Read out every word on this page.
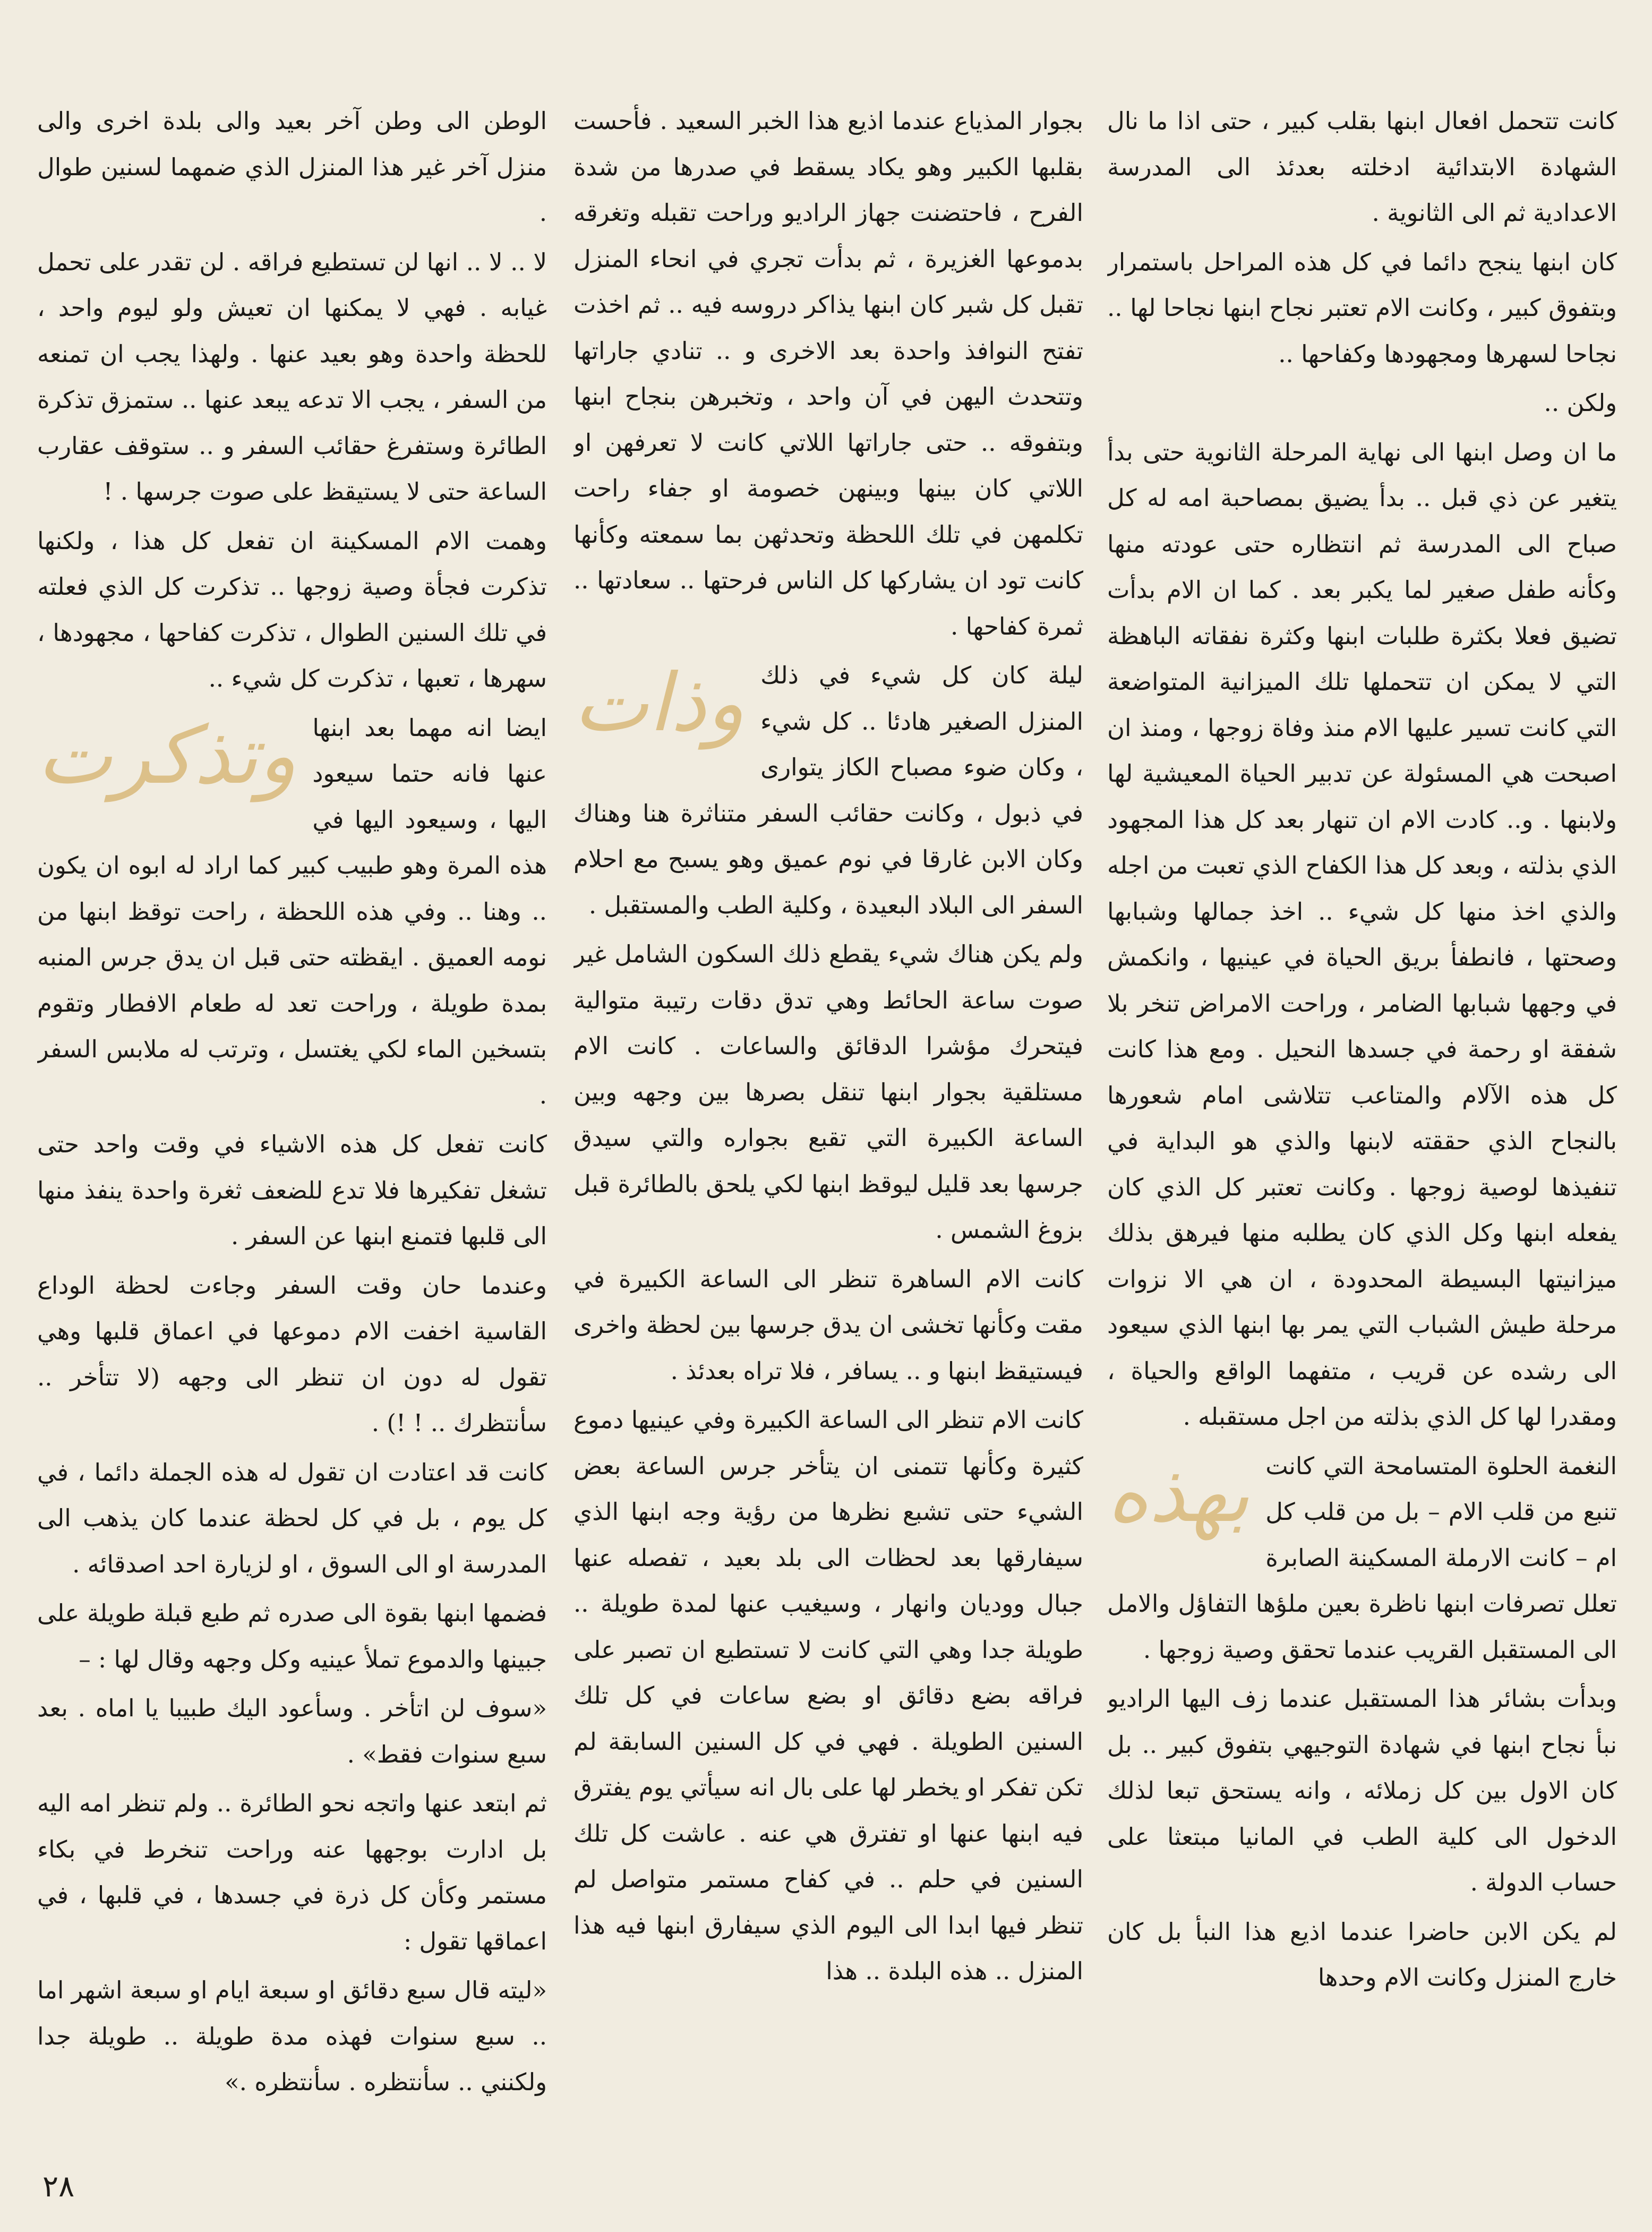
كانت تتحمل افعال ابنها بقلب كبير ، حتى اذا ما نال الشهادة الابتدائية ادخلته بعدئذ الى المدرسة الاعدادية ثم الى الثانوية .

كان ابنها ينجح دائما في كل هذه المراحل باستمرار وبتفوق كبير ، وكانت الام تعتبر نجاح ابنها نجاحا لها .. نجاحا لسهرها ومجهودها وكفاحها ..

ولكن ..

ما ان وصل ابنها الى نهاية المرحلة الثانوية حتى بدأ يتغير عن ذي قبل .. بدأ يضيق بمصاحبة امه له كل صباح الى المدرسة ثم انتظاره حتى عودته منها وكأنه طفل صغير لما يكبر بعد . كما ان الام بدأت تضيق فعلا بكثرة طلبات ابنها وكثرة نفقاته الباهظة التي لا يمكن ان تتحملها تلك الميزانية المتواضعة التي كانت تسير عليها الام منذ وفاة زوجها ، ومنذ ان اصبحت هي المسئولة عن تدبير الحياة المعيشية لها ولابنها . و.. كادت الام ان تنهار بعد كل هذا المجهود الذي بذلته ، وبعد كل هذا الكفاح الذي تعبت من اجله والذي اخذ منها كل شيء .. اخذ جمالها وشبابها وصحتها ، فانطفأ بريق الحياة في عينيها ، وانكمش في وجهها شبابها الضامر ، وراحت الامراض تنخر بلا شفقة او رحمة في جسدها النحيل . ومع هذا كانت كل هذه الآلام والمتاعب تتلاشى امام شعورها بالنجاح الذي حققته لابنها والذي هو البداية في تنفيذها لوصية زوجها . وكانت تعتبر كل الذي كان يفعله ابنها وكل الذي كان يطلبه منها فيرهق بذلك ميزانيتها البسيطة المحدودة ، ان هي الا نزوات مرحلة طيش الشباب التي يمر بها ابنها الذي سيعود الى رشده عن قريب ، متفهما الواقع والحياة ، ومقدرا لها كل الذي بذلته من اجل مستقبله .

بهذه النغمة الحلوة المتسامحة التي كانت تنبع من قلب الام – بل من قلب كل ام – كانت الارملة المسكينة الصابرة تعلل تصرفات ابنها ناظرة بعين ملؤها التفاؤل والامل الى المستقبل القريب عندما تحقق وصية زوجها .

وبدأت بشائر هذا المستقبل عندما زف اليها الراديو نبأ نجاح ابنها في شهادة التوجيهي بتفوق كبير .. بل كان الاول بين كل زملائه ، وانه يستحق تبعا لذلك الدخول الى كلية الطب في المانيا مبتعثا على حساب الدولة .

لم يكن الابن حاضرا عندما اذيع هذا النبأ بل كان خارج المنزل وكانت الام وحدها

بجوار المذياع عندما اذيع هذا الخبر السعيد . فأحست بقلبها الكبير وهو يكاد يسقط في صدرها من شدة الفرح ، فاحتضنت جهاز الراديو وراحت تقبله وتغرقه بدموعها الغزيرة ، ثم بدأت تجري في انحاء المنزل تقبل كل شبر كان ابنها يذاكر دروسه فيه .. ثم اخذت تفتح النوافذ واحدة بعد الاخرى و .. تنادي جاراتها وتتحدث اليهن في آن واحد ، وتخبرهن بنجاح ابنها وبتفوقه .. حتى جاراتها اللاتي كانت لا تعرفهن او اللاتي كان بينها وبينهن خصومة او جفاء راحت تكلمهن في تلك اللحظة وتحدثهن بما سمعته وكأنها كانت تود ان يشاركها كل الناس فرحتها .. سعادتها .. ثمرة كفاحها .

وذات ليلة كان كل شيء في ذلك المنزل الصغير هادئا .. كل شيء ، وكان ضوء مصباح الكاز يتوارى في ذبول ، وكانت حقائب السفر متناثرة هنا وهناك وكان الابن غارقا في نوم عميق وهو يسبح مع احلام السفر الى البلاد البعيدة ، وكلية الطب والمستقبل .

ولم يكن هناك شيء يقطع ذلك السكون الشامل غير صوت ساعة الحائط وهي تدق دقات رتيبة متوالية فيتحرك مؤشرا الدقائق والساعات . كانت الام مستلقية بجوار ابنها تنقل بصرها بين وجهه وبين الساعة الكبيرة التي تقبع بجواره والتي سيدق جرسها بعد قليل ليوقظ ابنها لكي يلحق بالطائرة قبل بزوغ الشمس .

كانت الام الساهرة تنظر الى الساعة الكبيرة في مقت وكأنها تخشى ان يدق جرسها بين لحظة واخرى فيستيقظ ابنها و .. يسافر ، فلا تراه بعدئذ .

كانت الام تنظر الى الساعة الكبيرة وفي عينيها دموع كثيرة وكأنها تتمنى ان يتأخر جرس الساعة بعض الشيء حتى تشبع نظرها من رؤية وجه ابنها الذي سيفارقها بعد لحظات الى بلد بعيد ، تفصله عنها جبال ووديان وانهار ، وسيغيب عنها لمدة طويلة .. طويلة جدا وهي التي كانت لا تستطيع ان تصبر على فراقه بضع دقائق او بضع ساعات في كل تلك السنين الطويلة . فهي في كل السنين السابقة لم تكن تفكر او يخطر لها على بال انه سيأتي يوم يفترق فيه ابنها عنها او تفترق هي عنه . عاشت كل تلك السنين في حلم .. في كفاح مستمر متواصل لم تنظر فيها ابدا الى اليوم الذي سيفارق ابنها فيه هذا المنزل .. هذه البلدة .. هذا

الوطن الى وطن آخر بعيد والى بلدة اخرى والى منزل آخر غير هذا المنزل الذي ضمهما لسنين طوال .

لا .. لا .. انها لن تستطيع فراقه . لن تقدر على تحمل غيابه . فهي لا يمكنها ان تعيش ولو ليوم واحد ، للحظة واحدة وهو بعيد عنها . ولهذا يجب ان تمنعه من السفر ، يجب الا تدعه يبعد عنها .. ستمزق تذكرة الطائرة وستفرغ حقائب السفر و .. ستوقف عقارب الساعة حتى لا يستيقظ على صوت جرسها . !

وهمت الام المسكينة ان تفعل كل هذا ، ولكنها تذكرت فجأة وصية زوجها .. تذكرت كل الذي فعلته في تلك السنين الطوال ، تذكرت كفاحها ، مجهودها ، سهرها ، تعبها ، تذكرت كل شيء ..

وتذكرت ايضا انه مهما بعد ابنها عنها فانه حتما سيعود اليها ، وسيعود اليها في هذه المرة وهو طبيب كبير كما اراد له ابوه ان يكون .. وهنا .. وفي هذه اللحظة ، راحت توقظ ابنها من نومه العميق . ايقظته حتى قبل ان يدق جرس المنبه بمدة طويلة ، وراحت تعد له طعام الافطار وتقوم بتسخين الماء لكي يغتسل ، وترتب له ملابس السفر .

كانت تفعل كل هذه الاشياء في وقت واحد حتى تشغل تفكيرها فلا تدع للضعف ثغرة واحدة ينفذ منها الى قلبها فتمنع ابنها عن السفر .

وعندما حان وقت السفر وجاءت لحظة الوداع القاسية اخفت الام دموعها في اعماق قلبها وهي تقول له دون ان تنظر الى وجهه (لا تتأخر .. سأنتظرك .. ! !) .

كانت قد اعتادت ان تقول له هذه الجملة دائما ، في كل يوم ، بل في كل لحظة عندما كان يذهب الى المدرسة او الى السوق ، او لزيارة احد اصدقائه .

فضمها ابنها بقوة الى صدره ثم طبع قبلة طويلة على جبينها والدموع تملأ عينيه وكل وجهه وقال لها : –

«سوف لن اتأخر . وسأعود اليك طبيبا يا اماه . بعد سبع سنوات فقط» .

ثم ابتعد عنها واتجه نحو الطائرة .. ولم تنظر امه اليه بل ادارت بوجهها عنه وراحت تنخرط في بكاء مستمر وكأن كل ذرة في جسدها ، في قلبها ، في اعماقها تقول :

«ليته قال سبع دقائق او سبعة ايام او سبعة اشهر اما .. سبع سنوات فهذه مدة طويلة .. طويلة جدا ولكنني .. سأنتظره . سأنتظره .»

٢٨
